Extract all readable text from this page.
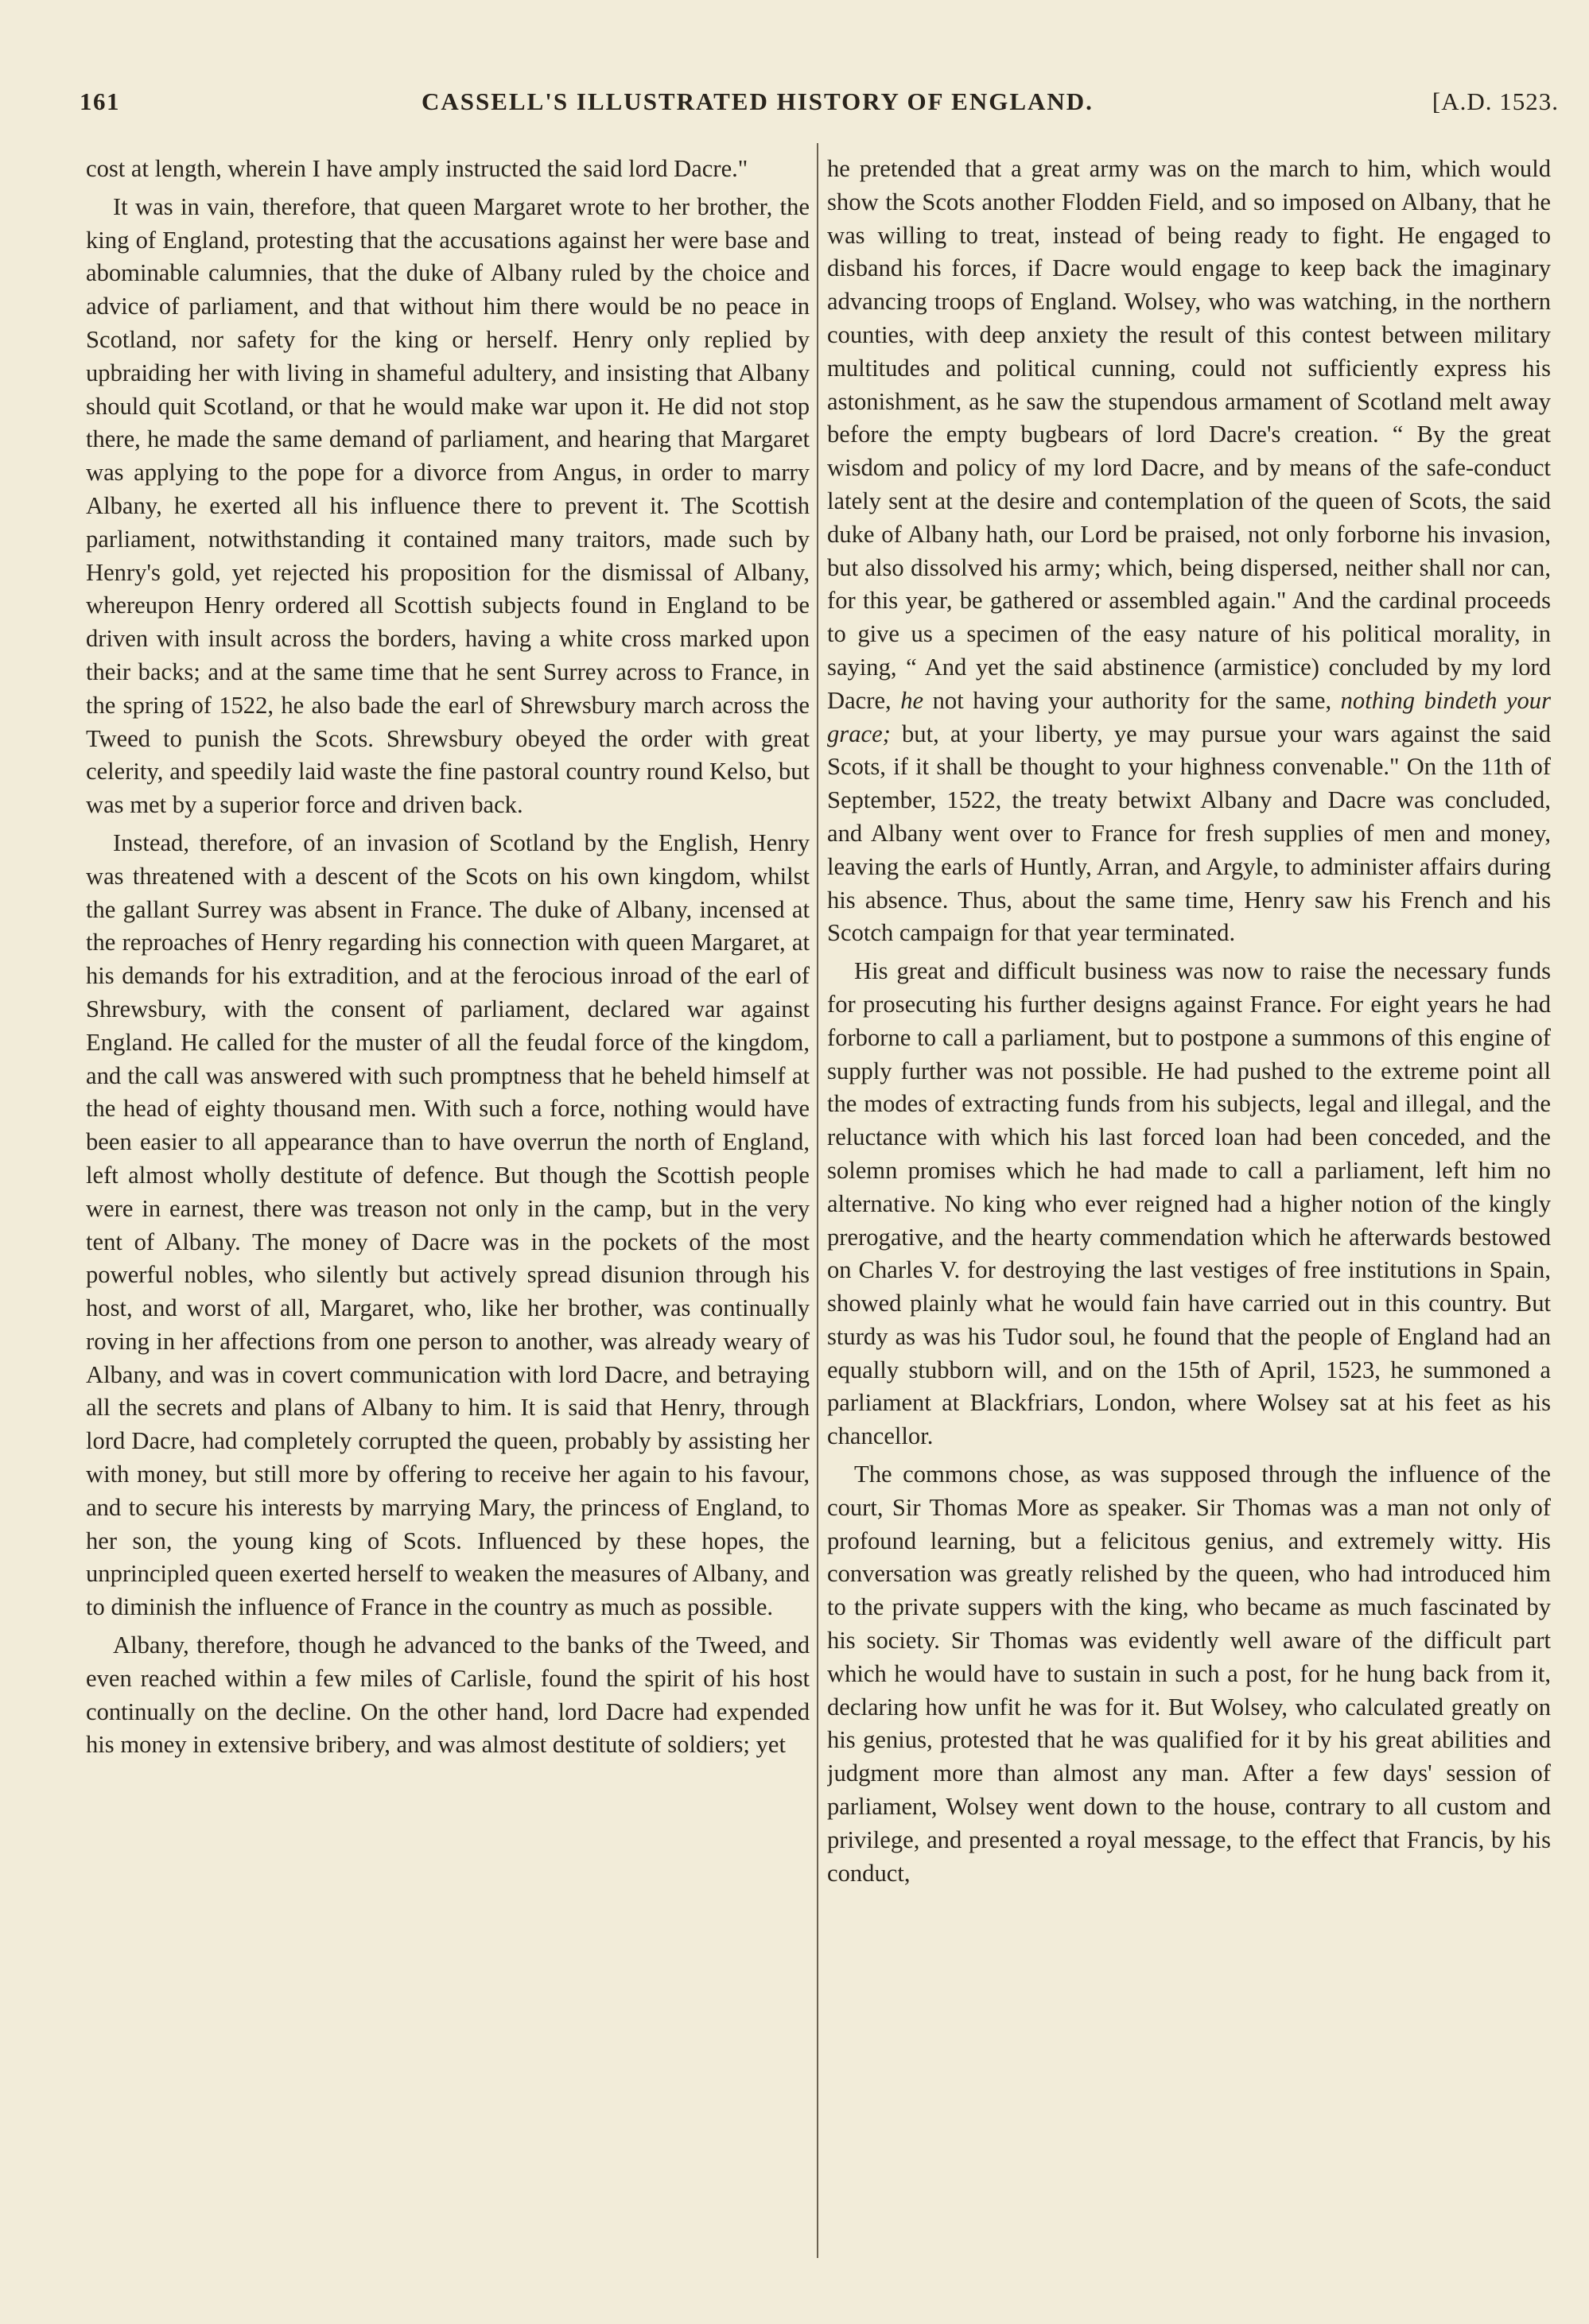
161	CASSELL'S ILLUSTRATED HISTORY OF ENGLAND.	[A.D. 1523.

cost at length, wherein I have amply instructed the said lord Dacre."

It was in vain, therefore, that queen Margaret wrote to her brother, the king of England, protesting that the accusations against her were base and abominable calumnies, that the duke of Albany ruled by the choice and advice of parliament, and that without him there would be no peace in Scotland, nor safety for the king or herself. Henry only replied by upbraiding her with living in shameful adultery, and insisting that Albany should quit Scotland, or that he would make war upon it. He did not stop there, he made the same demand of parliament, and hearing that Margaret was applying to the pope for a divorce from Angus, in order to marry Albany, he exerted all his influence there to prevent it. The Scottish parliament, notwithstanding it contained many traitors, made such by Henry's gold, yet rejected his proposition for the dismissal of Albany, whereupon Henry ordered all Scottish subjects found in England to be driven with insult across the borders, having a white cross marked upon their backs; and at the same time that he sent Surrey across to France, in the spring of 1522, he also bade the earl of Shrewsbury march across the Tweed to punish the Scots. Shrewsbury obeyed the order with great celerity, and speedily laid waste the fine pastoral country round Kelso, but was met by a superior force and driven back.

Instead, therefore, of an invasion of Scotland by the English, Henry was threatened with a descent of the Scots on his own kingdom, whilst the gallant Surrey was absent in France. The duke of Albany, incensed at the reproaches of Henry regarding his connection with queen Margaret, at his demands for his extradition, and at the ferocious inroad of the earl of Shrewsbury, with the consent of parliament, declared war against England. He called for the muster of all the feudal force of the kingdom, and the call was answered with such promptness that he beheld himself at the head of eighty thousand men. With such a force, nothing would have been easier to all appearance than to have overrun the north of England, left almost wholly destitute of defence. But though the Scottish people were in earnest, there was treason not only in the camp, but in the very tent of Albany. The money of Dacre was in the pockets of the most powerful nobles, who silently but actively spread disunion through his host, and worst of all, Margaret, who, like her brother, was continually roving in her affections from one person to another, was already weary of Albany, and was in covert communication with lord Dacre, and betraying all the secrets and plans of Albany to him. It is said that Henry, through lord Dacre, had completely corrupted the queen, probably by assisting her with money, but still more by offering to receive her again to his favour, and to secure his interests by marrying Mary, the princess of England, to her son, the young king of Scots. Influenced by these hopes, the unprincipled queen exerted herself to weaken the measures of Albany, and to diminish the influence of France in the country as much as possible.

Albany, therefore, though he advanced to the banks of the Tweed, and even reached within a few miles of Carlisle, found the spirit of his host continually on the decline. On the other hand, lord Dacre had expended his money in extensive bribery, and was almost destitute of soldiers; yet

he pretended that a great army was on the march to him, which would show the Scots another Flodden Field, and so imposed on Albany, that he was willing to treat, instead of being ready to fight. He engaged to disband his forces, if Dacre would engage to keep back the imaginary advancing troops of England. Wolsey, who was watching, in the northern counties, with deep anxiety the result of this contest between military multitudes and political cunning, could not sufficiently express his astonishment, as he saw the stupendous armament of Scotland melt away before the empty bugbears of lord Dacre's creation. “ By the great wisdom and policy of my lord Dacre, and by means of the safe-conduct lately sent at the desire and contemplation of the queen of Scots, the said duke of Albany hath, our Lord be praised, not only forborne his invasion, but also dissolved his army; which, being dispersed, neither shall nor can, for this year, be gathered or assembled again." And the cardinal proceeds to give us a specimen of the easy nature of his political morality, in saying, “ And yet the said abstinence (armistice) concluded by my lord Dacre, he not having your authority for the same, nothing bindeth your grace; but, at your liberty, ye may pursue your wars against the said Scots, if it shall be thought to your highness convenable." On the 11th of September, 1522, the treaty betwixt Albany and Dacre was concluded, and Albany went over to France for fresh supplies of men and money, leaving the earls of Huntly, Arran, and Argyle, to administer affairs during his absence. Thus, about the same time, Henry saw his French and his Scotch campaign for that year terminated.

His great and difficult business was now to raise the necessary funds for prosecuting his further designs against France. For eight years he had forborne to call a parliament, but to postpone a summons of this engine of supply further was not possible. He had pushed to the extreme point all the modes of extracting funds from his subjects, legal and illegal, and the reluctance with which his last forced loan had been conceded, and the solemn promises which he had made to call a parliament, left him no alternative. No king who ever reigned had a higher notion of the kingly prerogative, and the hearty commendation which he afterwards bestowed on Charles V. for destroying the last vestiges of free institutions in Spain, showed plainly what he would fain have carried out in this country. But sturdy as was his Tudor soul, he found that the people of England had an equally stubborn will, and on the 15th of April, 1523, he summoned a parliament at Blackfriars, London, where Wolsey sat at his feet as his chancellor.

The commons chose, as was supposed through the influence of the court, Sir Thomas More as speaker. Sir Thomas was a man not only of profound learning, but a felicitous genius, and extremely witty. His conversation was greatly relished by the queen, who had introduced him to the private suppers with the king, who became as much fascinated by his society. Sir Thomas was evidently well aware of the difficult part which he would have to sustain in such a post, for he hung back from it, declaring how unfit he was for it. But Wolsey, who calculated greatly on his genius, protested that he was qualified for it by his great abilities and judgment more than almost any man. After a few days' session of parliament, Wolsey went down to the house, contrary to all custom and privilege, and presented a royal message, to the effect that Francis, by his conduct,
